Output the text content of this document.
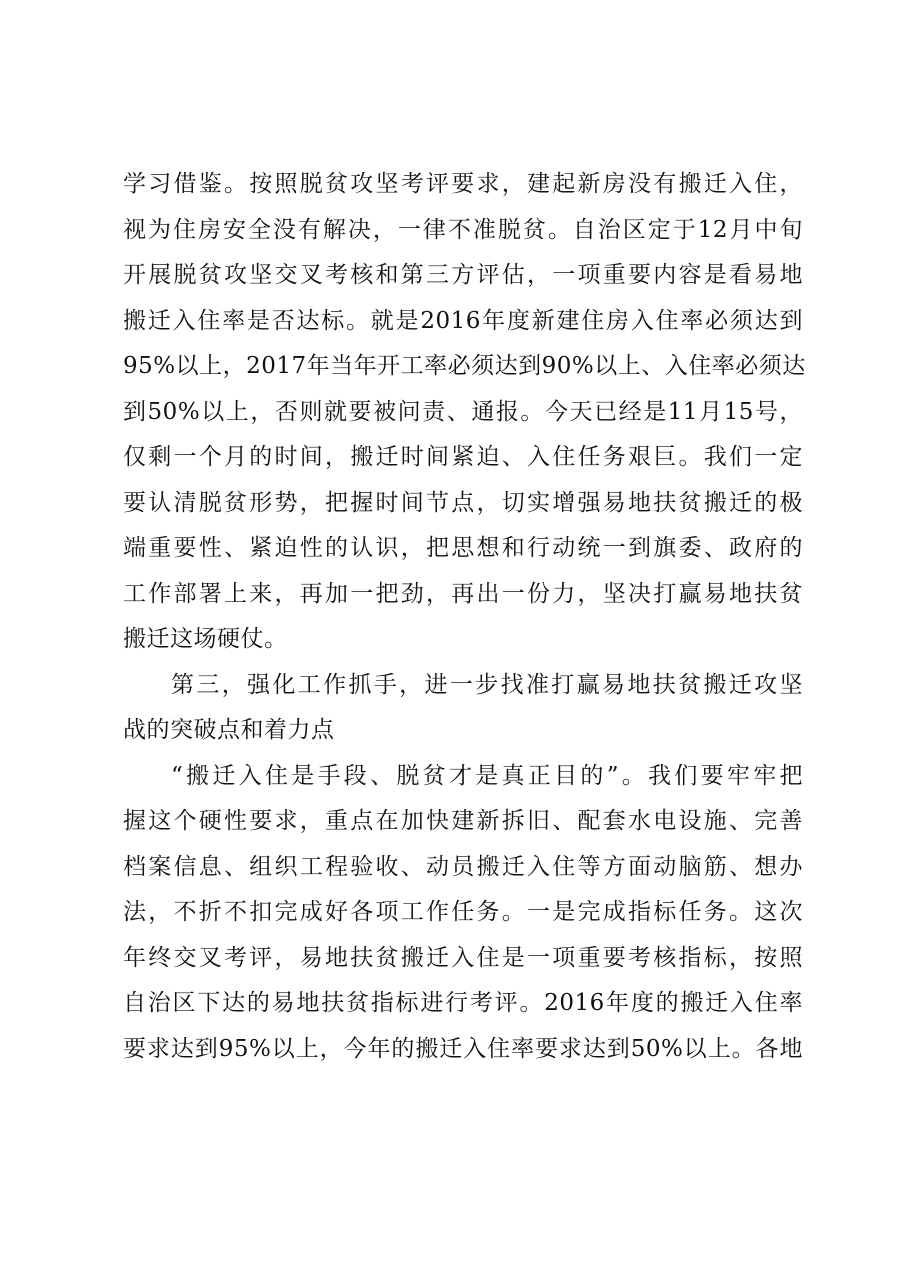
学习借鉴。按照脱贫攻坚考评要求，建起新房没有搬迁入住，
视为住房安全没有解决，一律不准脱贫。自治区定于12月中旬
开展脱贫攻坚交叉考核和第三方评估，一项重要内容是看易地
搬迁入住率是否达标。就是2016年度新建住房入住率必须达到
95%以上，2017年当年开工率必须达到90%以上、入住率必须达
到50%以上，否则就要被问责、通报。今天已经是11月15号，
仅剩一个月的时间，搬迁时间紧迫、入住任务艰巨。我们一定
要认清脱贫形势，把握时间节点，切实增强易地扶贫搬迁的极
端重要性、紧迫性的认识，把思想和行动统一到旗委、政府的
工作部署上来，再加一把劲，再出一份力，坚决打赢易地扶贫
搬迁这场硬仗。
第三，强化工作抓手，进一步找准打赢易地扶贫搬迁攻坚
战的突破点和着力点
“搬迁入住是手段、脱贫才是真正目的”。我们要牢牢把
握这个硬性要求，重点在加快建新拆旧、配套水电设施、完善
档案信息、组织工程验收、动员搬迁入住等方面动脑筋、想办
法，不折不扣完成好各项工作任务。一是完成指标任务。这次
年终交叉考评，易地扶贫搬迁入住是一项重要考核指标，按照
自治区下达的易地扶贫指标进行考评。2016年度的搬迁入住率
要求达到95%以上，今年的搬迁入住率要求达到50%以上。各地
